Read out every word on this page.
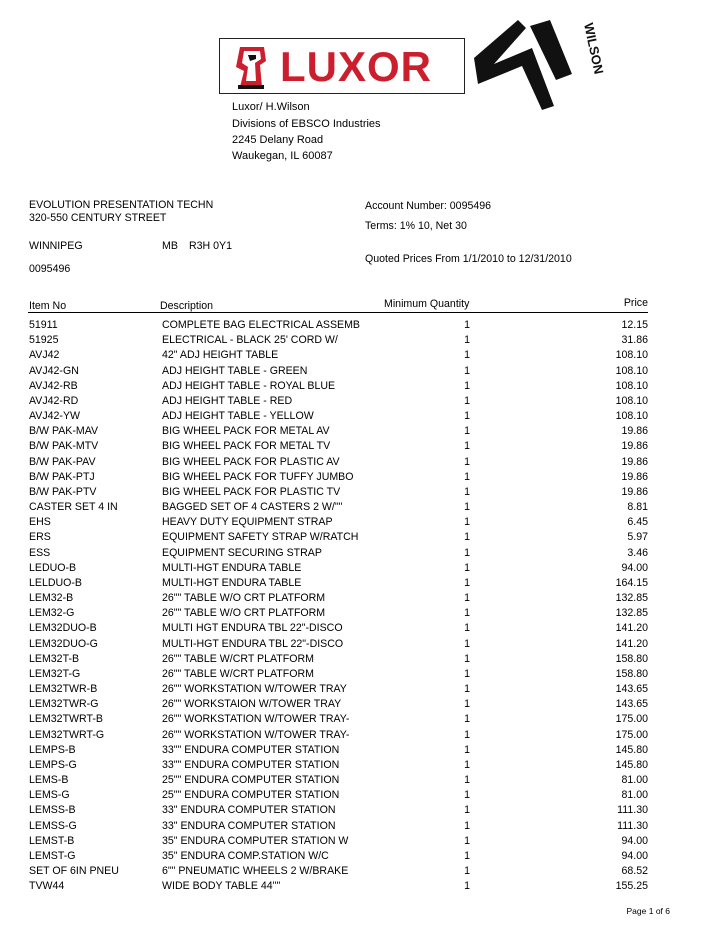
LUXOR	WILSON
Luxor/ H.Wilson
Divisions of EBSCO Industries
2245 Delany Road
Waukegan, IL 60087
EVOLUTION PRESENTATION TECHN
320-550 CENTURY STREET
WINNIPEG	MB R3H 0Y1
0095496
Account Number: 0095496
Terms: 1% 10, Net 30
Quoted Prices From 1/1/2010 to 12/31/2010
Item No	Description	Minimum Quantity	Price
51911	COMPLETE BAG ELECTRICAL ASSEMB	1	12.15
51925	ELECTRICAL - BLACK 25' CORD W/	1	31.86
AVJ42	42" ADJ HEIGHT TABLE	1	108.10
AVJ42-GN	ADJ HEIGHT TABLE - GREEN	1	108.10
AVJ42-RB	ADJ HEIGHT TABLE - ROYAL BLUE	1	108.10
AVJ42-RD	ADJ HEIGHT TABLE - RED	1	108.10
AVJ42-YW	ADJ HEIGHT TABLE - YELLOW	1	108.10
B/W PAK-MAV	BIG WHEEL PACK FOR METAL AV	1	19.86
B/W PAK-MTV	BIG WHEEL PACK FOR METAL TV	1	19.86
B/W PAK-PAV	BIG WHEEL PACK FOR PLASTIC AV	1	19.86
B/W PAK-PTJ	BIG WHEEL PACK FOR TUFFY JUMBO	1	19.86
B/W PAK-PTV	BIG WHEEL PACK FOR PLASTIC TV	1	19.86
CASTER SET 4 IN	BAGGED SET OF 4 CASTERS 2 W/""	1	8.81
EHS	HEAVY DUTY EQUIPMENT STRAP	1	6.45
ERS	EQUIPMENT SAFETY STRAP W/RATCH	1	5.97
ESS	EQUIPMENT SECURING STRAP	1	3.46
LEDUO-B	MULTI-HGT ENDURA TABLE	1	94.00
LELDUO-B	MULTI-HGT ENDURA TABLE	1	164.15
LEM32-B	26"" TABLE W/O CRT PLATFORM	1	132.85
LEM32-G	26"" TABLE W/O CRT PLATFORM	1	132.85
LEM32DUO-B	MULTI HGT ENDURA TBL 22"-DISCO	1	141.20
LEM32DUO-G	MULTI-HGT ENDURA TBL 22"-DISCO	1	141.20
LEM32T-B	26"" TABLE W/CRT PLATFORM	1	158.80
LEM32T-G	26"" TABLE W/CRT PLATFORM	1	158.80
LEM32TWR-B	26"" WORKSTATION W/TOWER TRAY	1	143.65
LEM32TWR-G	26"" WORKSTAION W/TOWER TRAY	1	143.65
LEM32TWRT-B	26"" WORKSTATION W/TOWER TRAY-	1	175.00
LEM32TWRT-G	26"" WORKSTATION W/TOWER TRAY-	1	175.00
LEMPS-B	33"" ENDURA COMPUTER STATION	1	145.80
LEMPS-G	33"" ENDURA COMPUTER STATION	1	145.80
LEMS-B	25"" ENDURA COMPUTER STATION	1	81.00
LEMS-G	25"" ENDURA COMPUTER STATION	1	81.00
LEMSS-B	33" ENDURA COMPUTER STATION	1	111.30
LEMSS-G	33" ENDURA COMPUTER STATION	1	111.30
LEMST-B	35" ENDURA COMPUTER STATION W	1	94.00
LEMST-G	35" ENDURA COMP.STATION W/C	1	94.00
SET OF 6IN PNEU	6"" PNEUMATIC WHEELS 2 W/BRAKE	1	68.52
TVW44	WIDE BODY TABLE 44""	1	155.25
Page 1 of 6
